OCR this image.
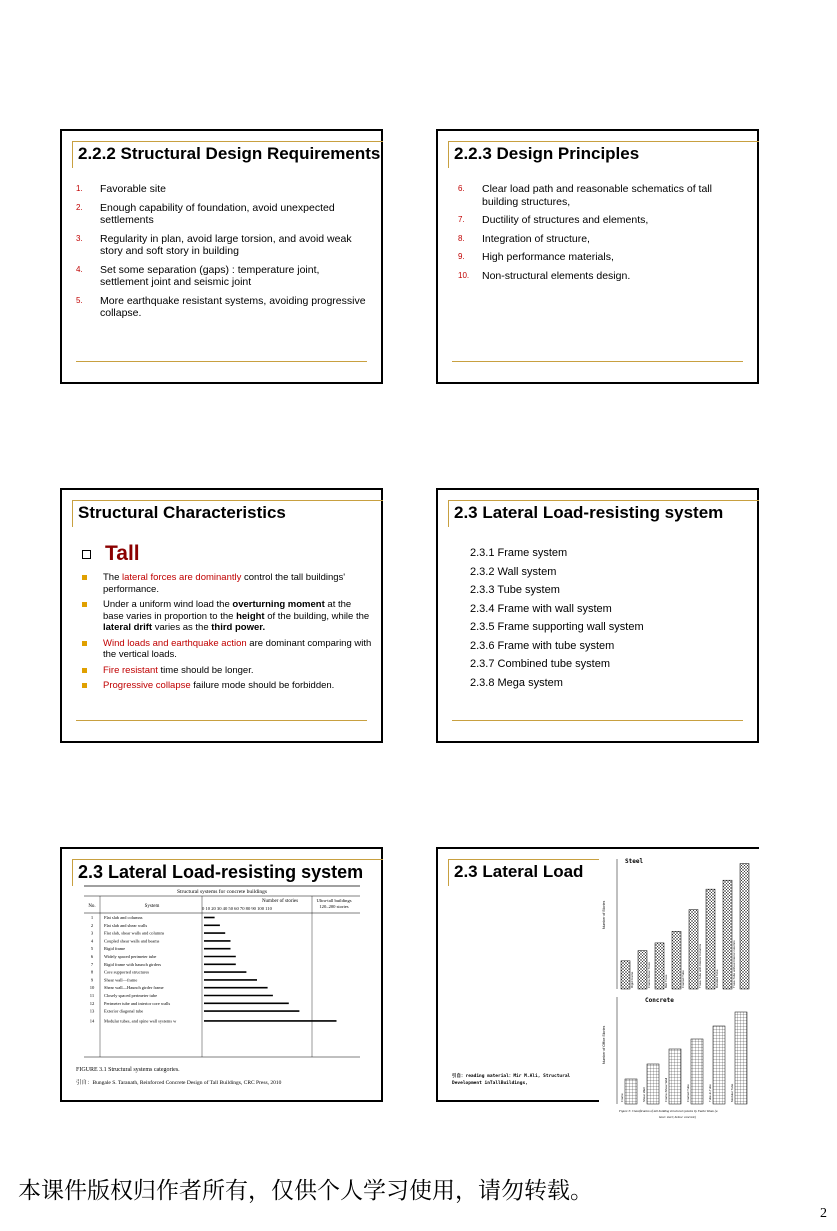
2.2.2 Structural Design Requirements
1.	Favorable site
2.	Enough capability of foundation, avoid unexpected settlements
3.	Regularity in plan, avoid large torsion, and avoid weak story and soft story in building
4.	Set some separation (gaps) : temperature joint, settlement joint and seismic joint
5.	More earthquake resistant systems, avoiding progressive collapse.
2.2.3 Design Principles
6.	Clear load path and reasonable schematics of tall building structures,
7.	Ductility of structures and elements,
8.	Integration of structure,
9.	High performance materials,
10.	Non-structural elements design.
Structural Characteristics
Tall
The lateral forces are dominantly control the tall buildings' performance.
Under a uniform wind load the overturning moment at the base varies in proportion to the height of the building, while the lateral drift varies as the third power.
Wind loads and earthquake action are dominant comparing with the vertical loads.
Fire resistant time should be longer.
Progressive collapse failure mode should be forbidden.
2.3 Lateral Load-resisting system
2.3.1 Frame system
2.3.2 Wall system
2.3.3 Tube system
2.3.4 Frame with wall system
2.3.5 Frame supporting wall system
2.3.6 Frame with tube system
2.3.7 Combined tube system
2.3.8 Mega system
2.3 Lateral Load-resisting system
Structural systems for concrete buildings
No.	System
Number of stories
0 10 20 30 40 50 60 70 80 90 100 110
Ultra-tall buildings
120–200 stories
1 Flat slab and columns
2 Flat slab and shear walls
3 Flat slab, shear walls and columns
4 Coupled shear walls and beams
5 Rigid frame
6 Widely spaced perimeter tube
7 Rigid frame with haunch girders
8 Core supported structures
9 Shear wall—frame
10 Shear wall—Haunch girder frame
11 Closely spaced perimeter tube
12 Perimeter tube and interior core walls
13 Exterior diagonal tube
14 Modular tubes, and spine wall systems w
FIGURE 3.1 Structural systems categories.
引自：Bungale S. Taranath, Reinforced Concrete Design of Tall Buildings, CRC Press, 2010
2.3 Lateral Load
Steel
Number of Stories
Rigid Frame	Frame-Shear Truss	Belt Truss	Framed Tube	Truss-Tube with Interior Columns	Bundled Tube	Truss-Tube without Interior columns
Concrete
Number of Office Stories
Frame	Shear Wall	Frame-Shear Wall	Framed Tube	Tube-in-Tube	Modular Tube
Figure 3: Classification of tall building structural systems by Fazlur Khan (a
bove: steel; below: concrete)
引自：reading material：Mir M.Ali, Structural Development inTallBuildings,
本课件版权归作者所有，仅供个人学习使用，请勿转载。
2
